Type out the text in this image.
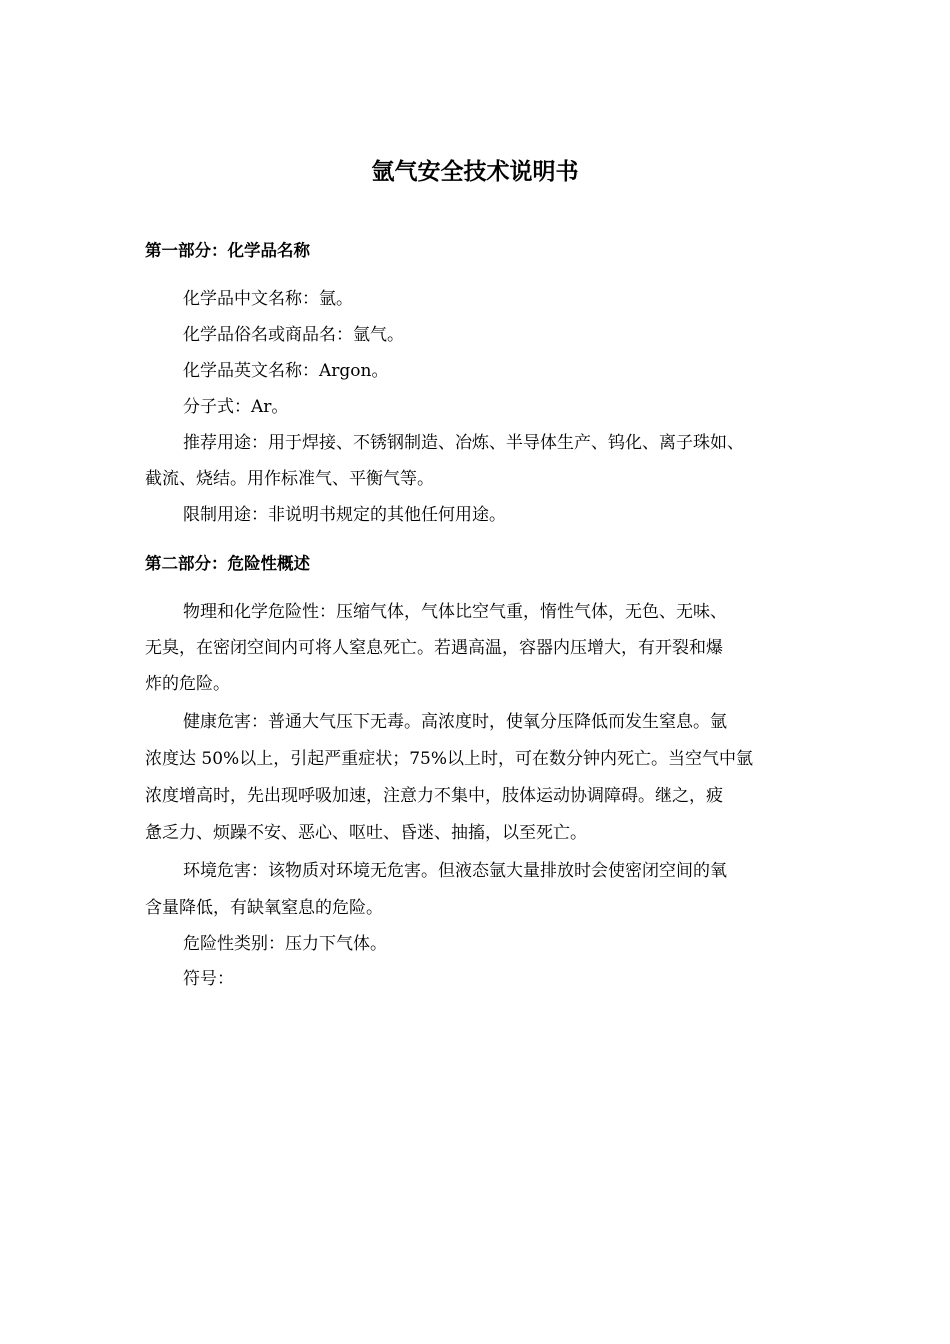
氩气安全技术说明书
第一部分：化学品名称
化学品中文名称：氩。
化学品俗名或商品名：氩气。
化学品英文名称：Argon。
分子式：Ar。
推荐用途：用于焊接、不锈钢制造、冶炼、半导体生产、钨化、离子珠如、
截流、烧结。用作标准气、平衡气等。
限制用途：非说明书规定的其他任何用途。
第二部分：危险性概述
物理和化学危险性：压缩气体，气体比空气重，惰性气体，无色、无味、
无臭，在密闭空间内可将人窒息死亡。若遇高温，容器内压增大，有开裂和爆
炸的危险。
健康危害：普通大气压下无毒。高浓度时，使氧分压降低而发生窒息。氩
浓度达 50%以上，引起严重症状；75%以上时，可在数分钟内死亡。当空气中氩
浓度增高时，先出现呼吸加速，注意力不集中，肢体运动协调障碍。继之，疲
惫乏力、烦躁不安、恶心、呕吐、昏迷、抽搐，以至死亡。
环境危害：该物质对环境无危害。但液态氩大量排放时会使密闭空间的氧
含量降低，有缺氧窒息的危险。
危险性类别：压力下气体。
符号：
